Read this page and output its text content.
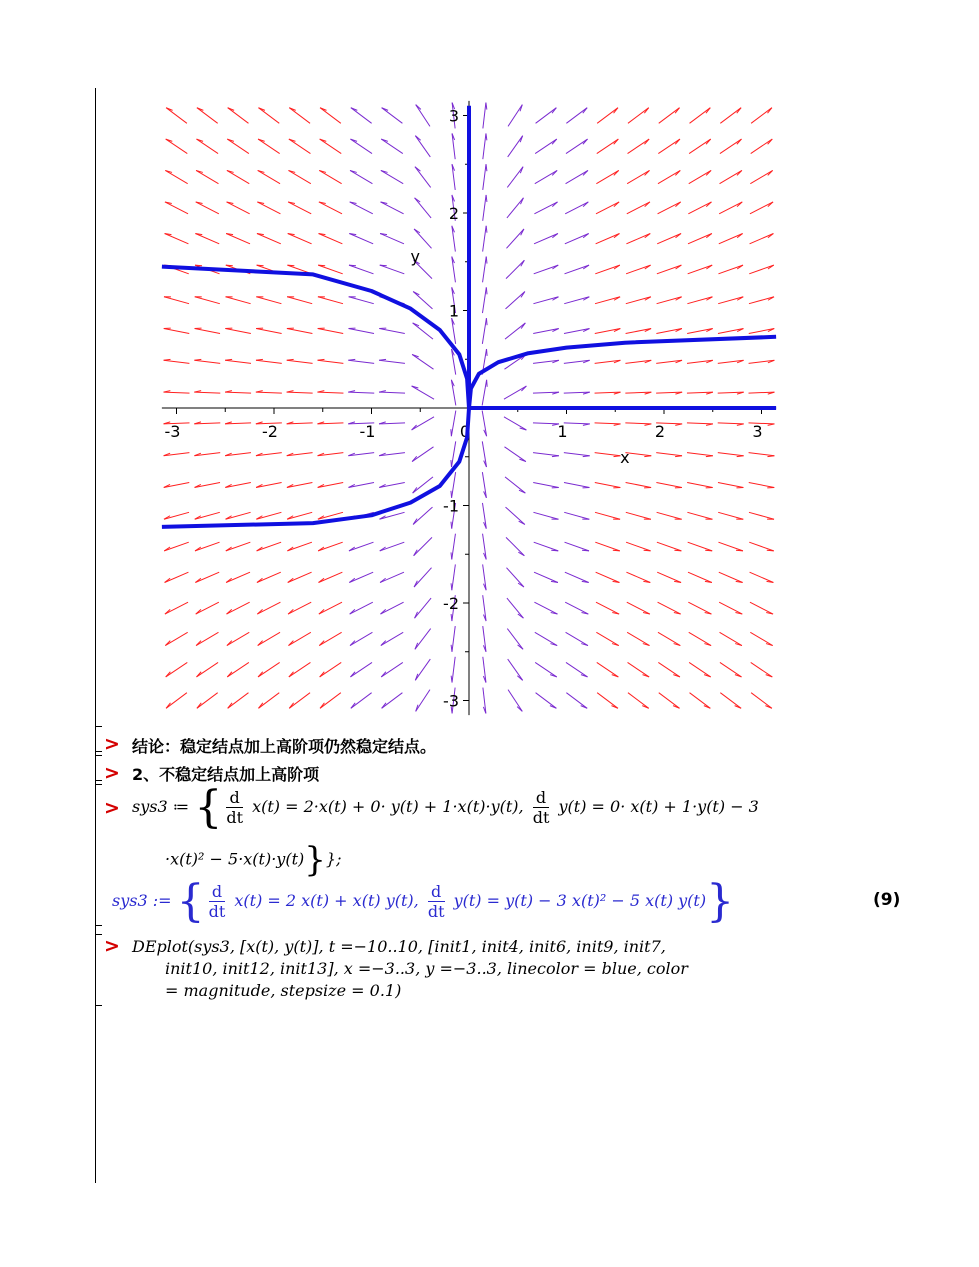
-3	-2	-1	0	1	2	3
3
2
1
-1
-2
-3
x
y
> 结论：稳定结点加上高阶项仍然稳定结点。
> 2、不稳定结点加上高阶项
> sys3 ≔ { $\frac{d}{dt} x(t) = 2\cdot x(t) + 0\cdot y(t) + 1\cdot x(t)\cdot y(t)$, $\frac{d}{dt} y(t) = 0\cdot x(t) + 1\cdot y(t) - 3$
·x(t)² − 5·x(t)·y(t)}};
sys3 := { $\frac{d}{dt} x(t) = 2$ x(t) + x(t) y(t), $\frac{d}{dt} y(t) = y(t) - 3$ x(t)² − 5 x(t) y(t)}	(9)
> DEplot(sys3, [x(t), y(t)], t =−10..10, [init1, init4, init6, init9, init7,
init10, init12, init13], x =−3..3, y =−3..3, linecolor = blue, color
= magnitude, stepsize = 0.1)
